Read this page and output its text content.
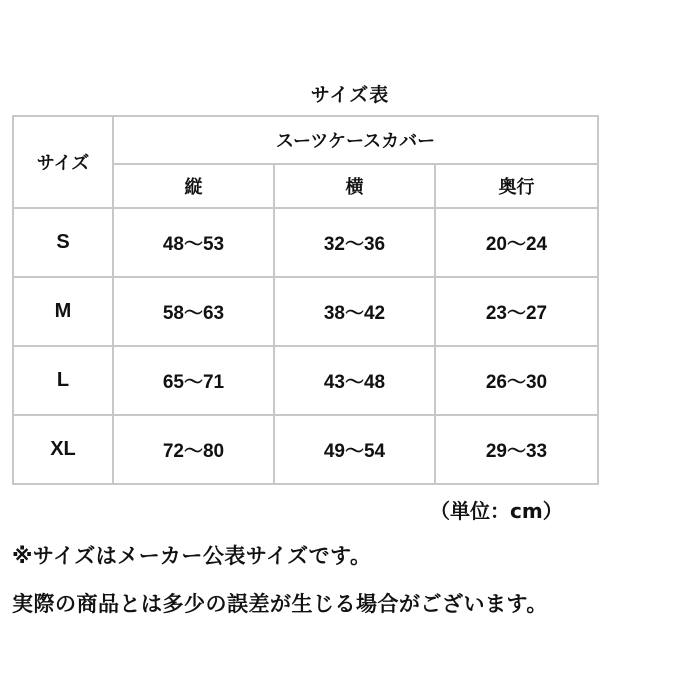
サイズ表
サイズ	スーツケースカバー		
	縦	横	奥行
S	48～53	32～36	20～24
M	58～63	38～42	23～27
L	65～71	43～48	26～30
XL	72～80	49～54	29～33
（単位：cm）
※サイズはメーカー公表サイズです。
実際の商品とは多少の誤差が生じる場合がございます。
